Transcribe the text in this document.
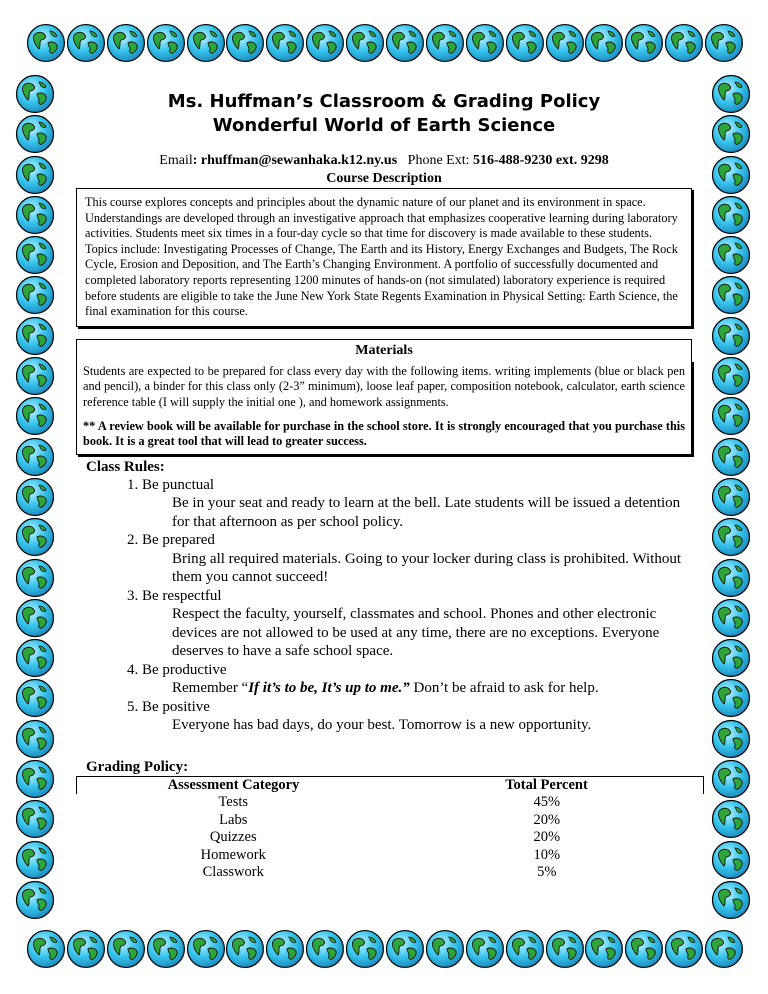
Ms. Huffman’s Classroom & Grading Policy
Wonderful World of Earth Science
Email: rhuffman@sewanhaka.k12.ny.us Phone Ext: 516-488-9230 ext. 9298
Course Description
This course explores concepts and principles about the dynamic nature of our planet and its environment in space. Understandings are developed through an investigative approach that emphasizes cooperative learning during laboratory activities. Students meet six times in a four-day cycle so that time for discovery is made available to these students. Topics include: Investigating Processes of Change, The Earth and its History, Energy Exchanges and Budgets, The Rock Cycle, Erosion and Deposition, and The Earth’s Changing Environment. A portfolio of successfully documented and completed laboratory reports representing 1200 minutes of hands-on (not simulated) laboratory experience is required before students are eligible to take the June New York State Regents Examination in Physical Setting: Earth Science, the final examination for this course.
Materials
Students are expected to be prepared for class every day with the following items. writing implements (blue or black pen and pencil), a binder for this class only (2-3” minimum), loose leaf paper, composition notebook, calculator, earth science reference table (I will supply the initial one ), and homework assignments.
** A review book will be available for purchase in the school store. It is strongly encouraged that you purchase this book. It is a great tool that will lead to greater success.
Class Rules:
1. Be punctual
Be in your seat and ready to learn at the bell. Late students will be issued a detention for that afternoon as per school policy.
2. Be prepared
Bring all required materials. Going to your locker during class is prohibited. Without them you cannot succeed!
3. Be respectful
Respect the faculty, yourself, classmates and school. Phones and other electronic devices are not allowed to be used at any time, there are no exceptions. Everyone deserves to have a safe school space.
4. Be productive
Remember “If it’s to be, It’s up to me.” Don’t be afraid to ask for help.
5. Be positive
Everyone has bad days, do your best. Tomorrow is a new opportunity.
Grading Policy:
Assessment Category	Total Percent
Tests	45%
Labs	20%
Quizzes	20%
Homework	10%
Classwork	5%
